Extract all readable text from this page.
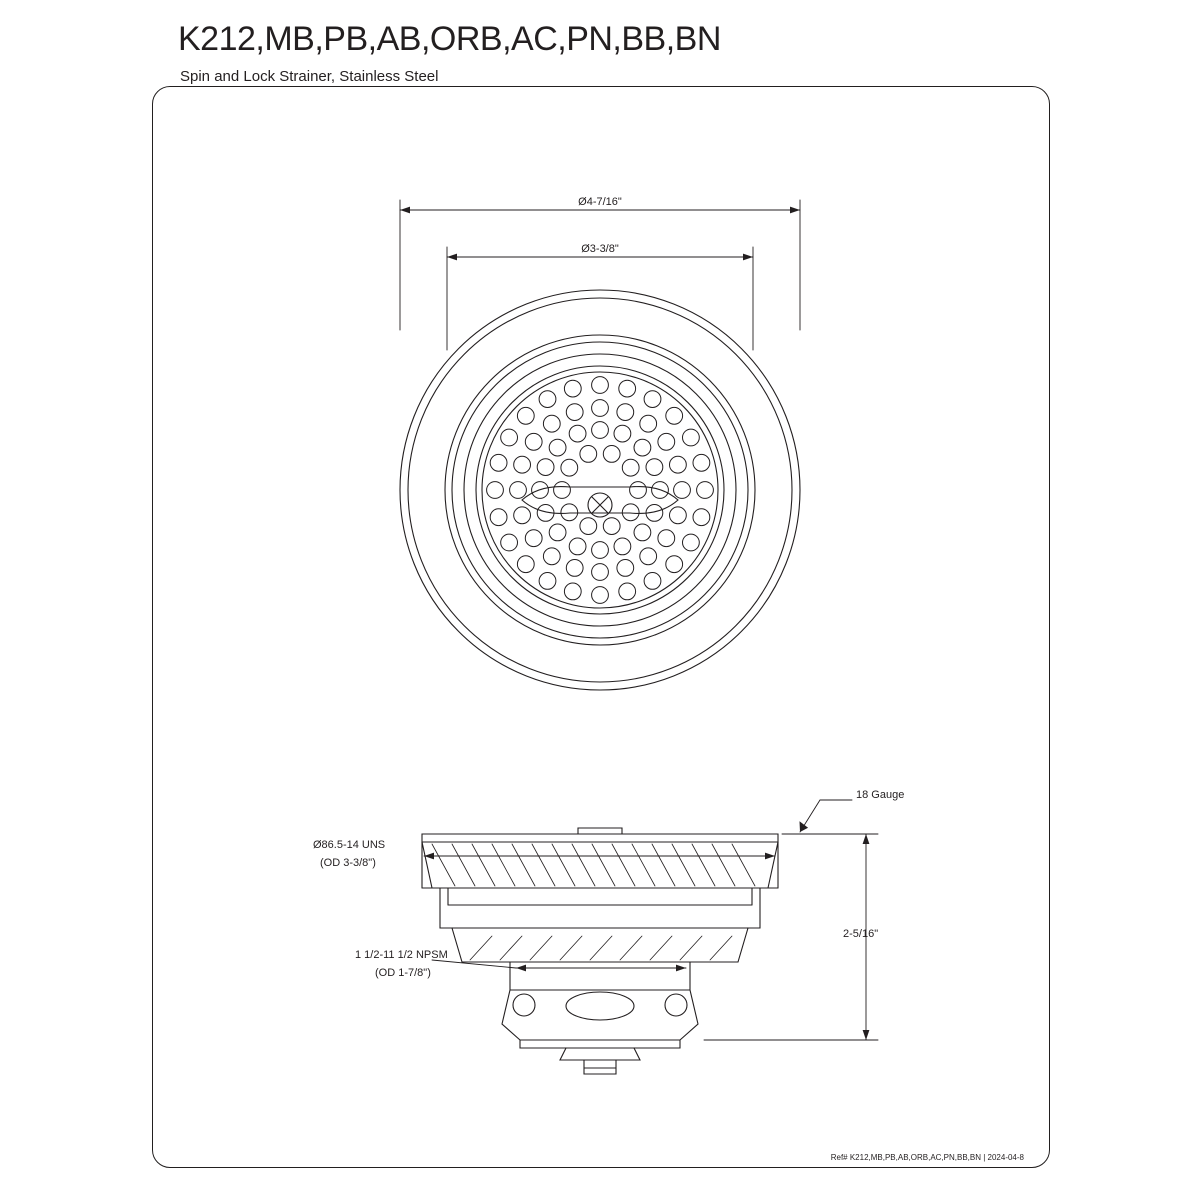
K212,MB,PB,AB,ORB,AC,PN,BB,BN
Spin and Lock Strainer, Stainless Steel
Ø4-7/16"
Ø3-3/8"
18 Gauge
Ø86.5-14 UNS
(OD 3-3/8")
1 1/2-11 1/2 NPSM
(OD 1-7/8")
2-5/16"
Ref# K212,MB,PB,AB,ORB,AC,PN,BB,BN | 2024-04-8
